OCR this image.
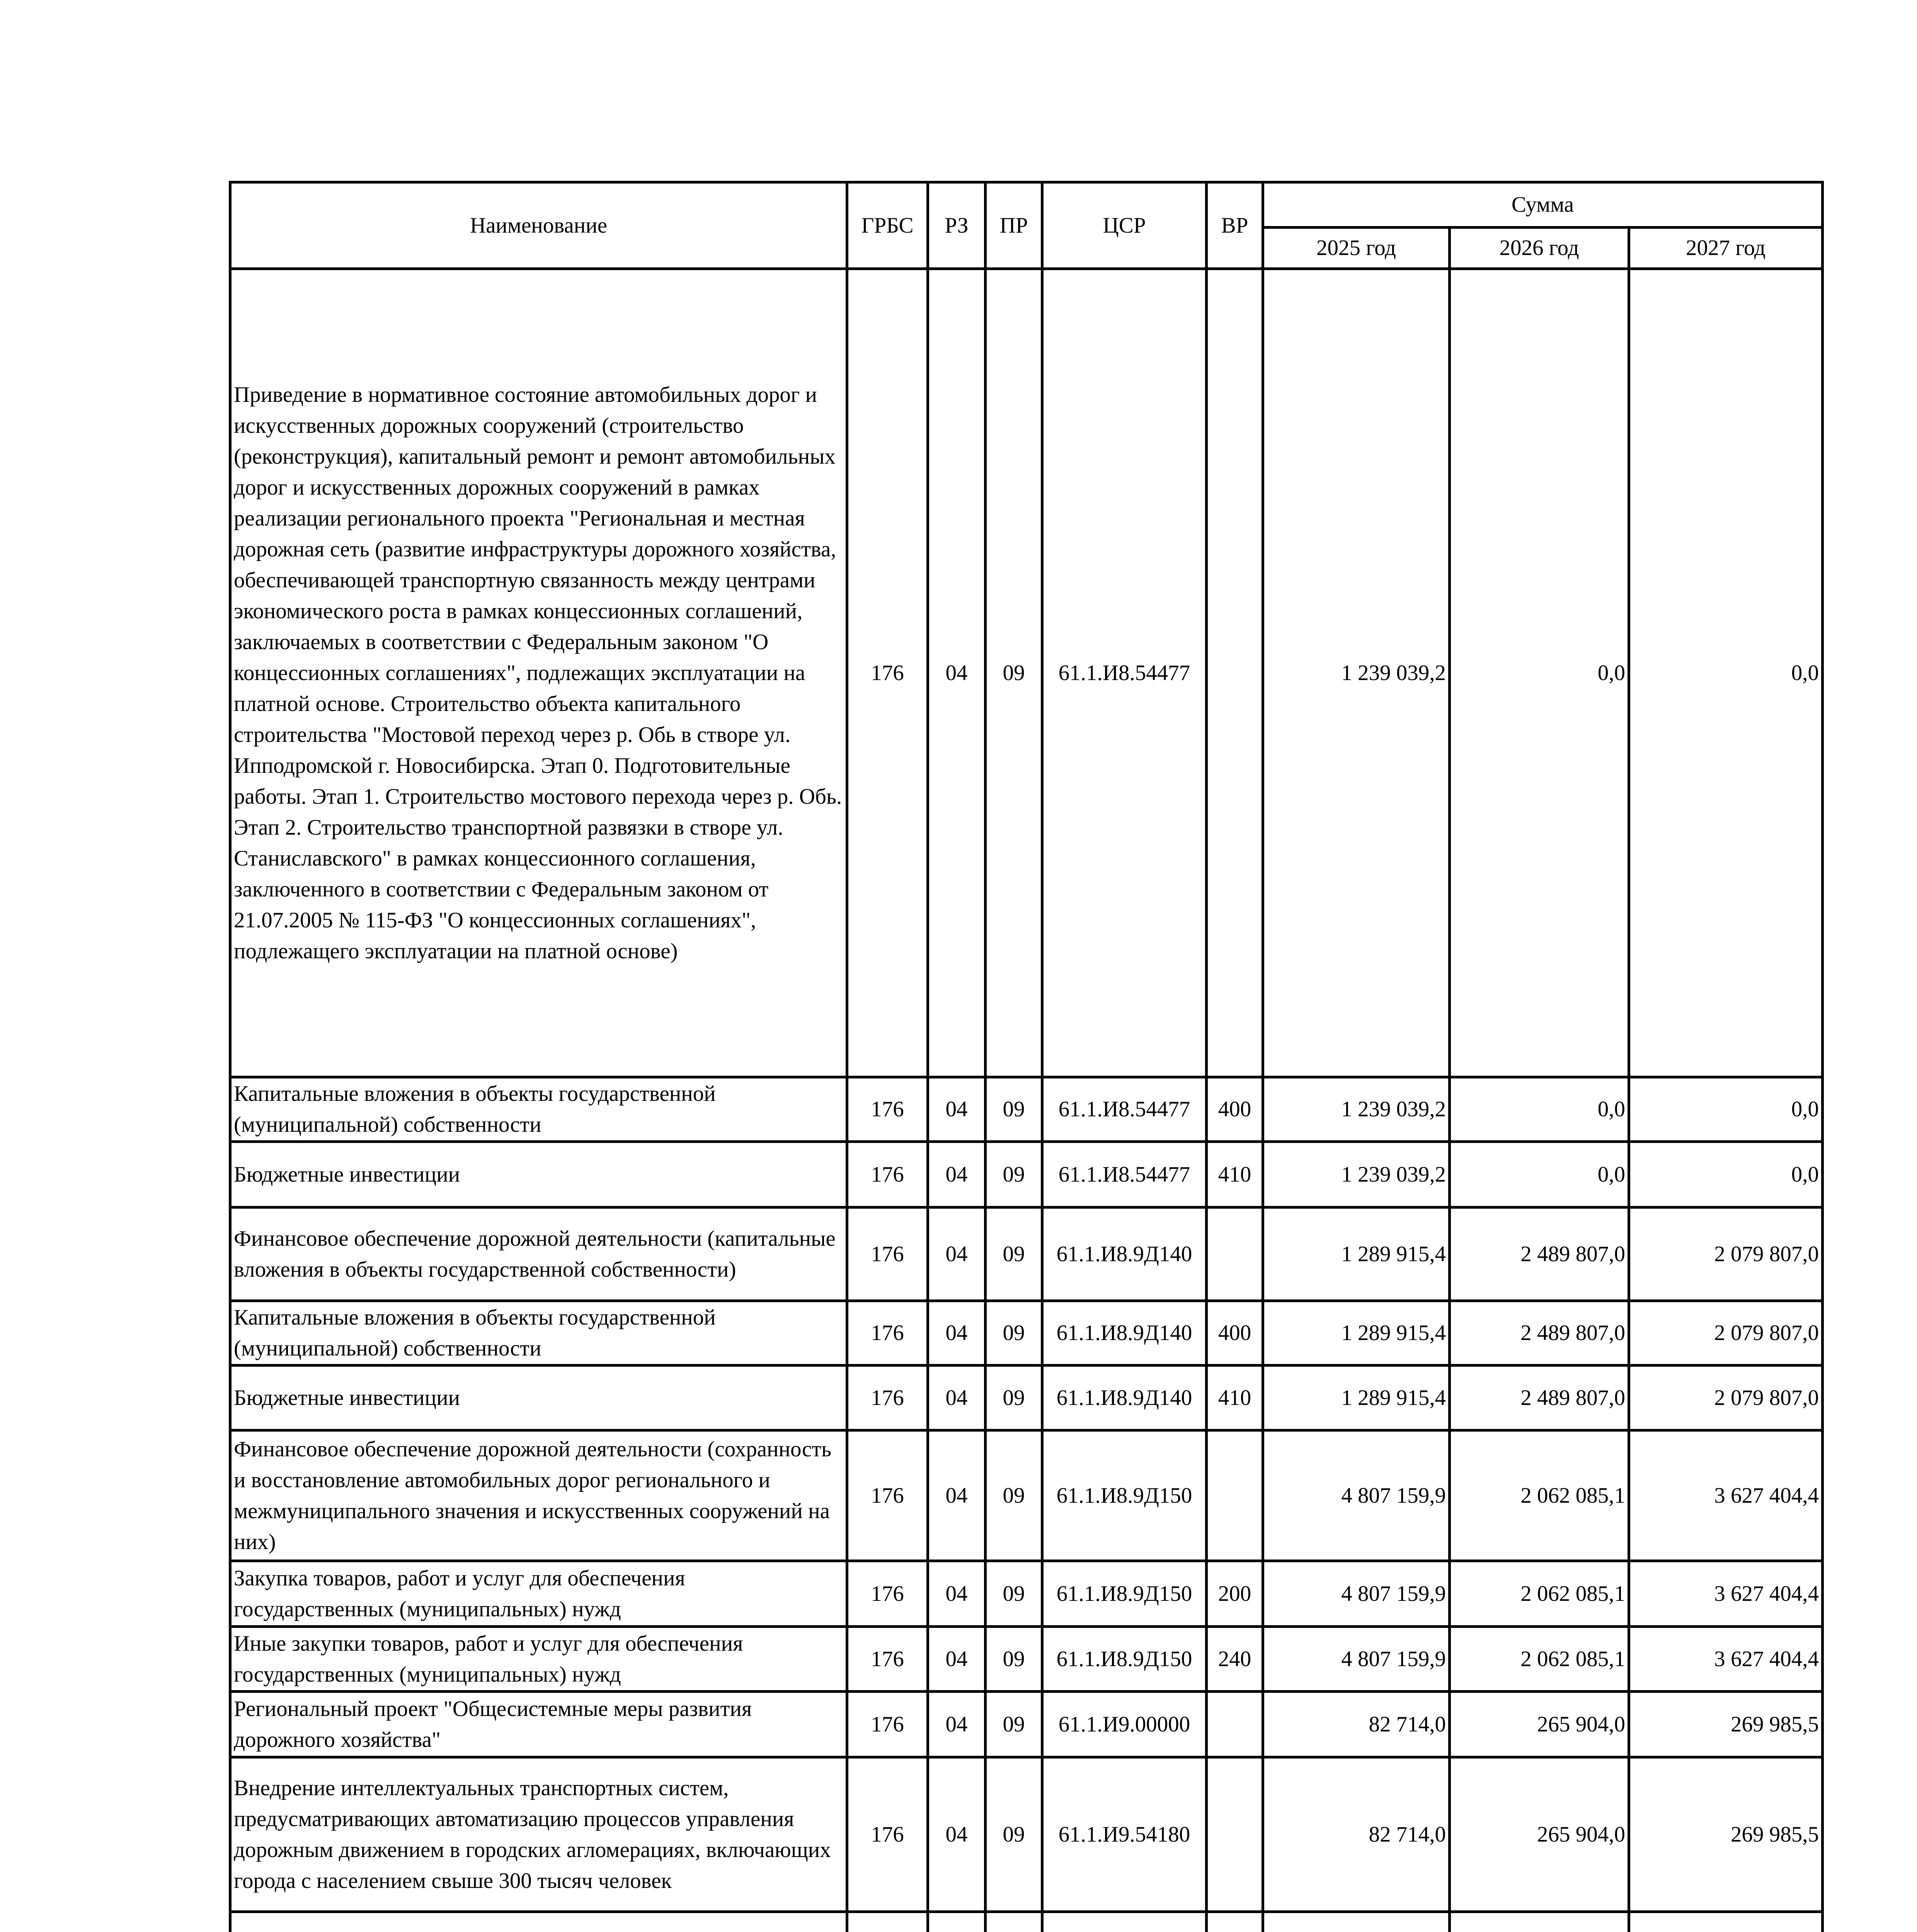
Наименование	ГРБС	РЗ	ПР	ЦСР	ВР	Сумма		
						2025 год	2026 год	2027 год
Приведение в нормативное состояние автомобильных дорог и искусственных дорожных сооружений (строительство (реконструкция), капитальный ремонт и ремонт автомобильных дорог и искусственных дорожных сооружений в рамках реализации регионального проекта "Региональная и местная дорожная сеть (развитие инфраструктуры дорожного хозяйства, обеспечивающей транспортную связанность между центрами экономического роста в рамках концессионных соглашений, заключаемых в соответствии с Федеральным законом "О концессионных соглашениях", подлежащих эксплуатации на платной основе. Строительство объекта капитального строительства "Мостовой переход через р. Обь в створе ул. Ипподромской г. Новосибирска. Этап 0. Подготовительные работы. Этап 1. Строительство мостового перехода через р. Обь. Этап 2. Строительство транспортной развязки в створе ул. Станиславского" в рамках концессионного соглашения, заключенного в соответствии с Федеральным законом от 21.07.2005 № 115-ФЗ "О концессионных соглашениях", подлежащего эксплуатации на платной основе)	176	04	09	61.1.И8.54477		1 239 039,2	0,0	0,0
Капитальные вложения в объекты государственной (муниципальной) собственности	176	04	09	61.1.И8.54477	400	1 239 039,2	0,0	0,0
Бюджетные инвестиции	176	04	09	61.1.И8.54477	410	1 239 039,2	0,0	0,0
Финансовое обеспечение дорожной деятельности (капитальные вложения в объекты государственной собственности)	176	04	09	61.1.И8.9Д140		1 289 915,4	2 489 807,0	2 079 807,0
Капитальные вложения в объекты государственной (муниципальной) собственности	176	04	09	61.1.И8.9Д140	400	1 289 915,4	2 489 807,0	2 079 807,0
Бюджетные инвестиции	176	04	09	61.1.И8.9Д140	410	1 289 915,4	2 489 807,0	2 079 807,0
Финансовое обеспечение дорожной деятельности (сохранность и восстановление автомобильных дорог регионального и межмуниципального значения и искусственных сооружений на них)	176	04	09	61.1.И8.9Д150		4 807 159,9	2 062 085,1	3 627 404,4
Закупка товаров, работ и услуг для обеспечения государственных (муниципальных) нужд	176	04	09	61.1.И8.9Д150	200	4 807 159,9	2 062 085,1	3 627 404,4
Иные закупки товаров, работ и услуг для обеспечения государственных (муниципальных) нужд	176	04	09	61.1.И8.9Д150	240	4 807 159,9	2 062 085,1	3 627 404,4
Региональный проект "Общесистемные меры развития дорожного хозяйства"	176	04	09	61.1.И9.00000		82 714,0	265 904,0	269 985,5
Внедрение интеллектуальных транспортных систем, предусматривающих автоматизацию процессов управления дорожным движением в городских агломерациях, включающих города с населением свыше 300 тысяч человек	176	04	09	61.1.И9.54180		82 714,0	265 904,0	269 985,5
